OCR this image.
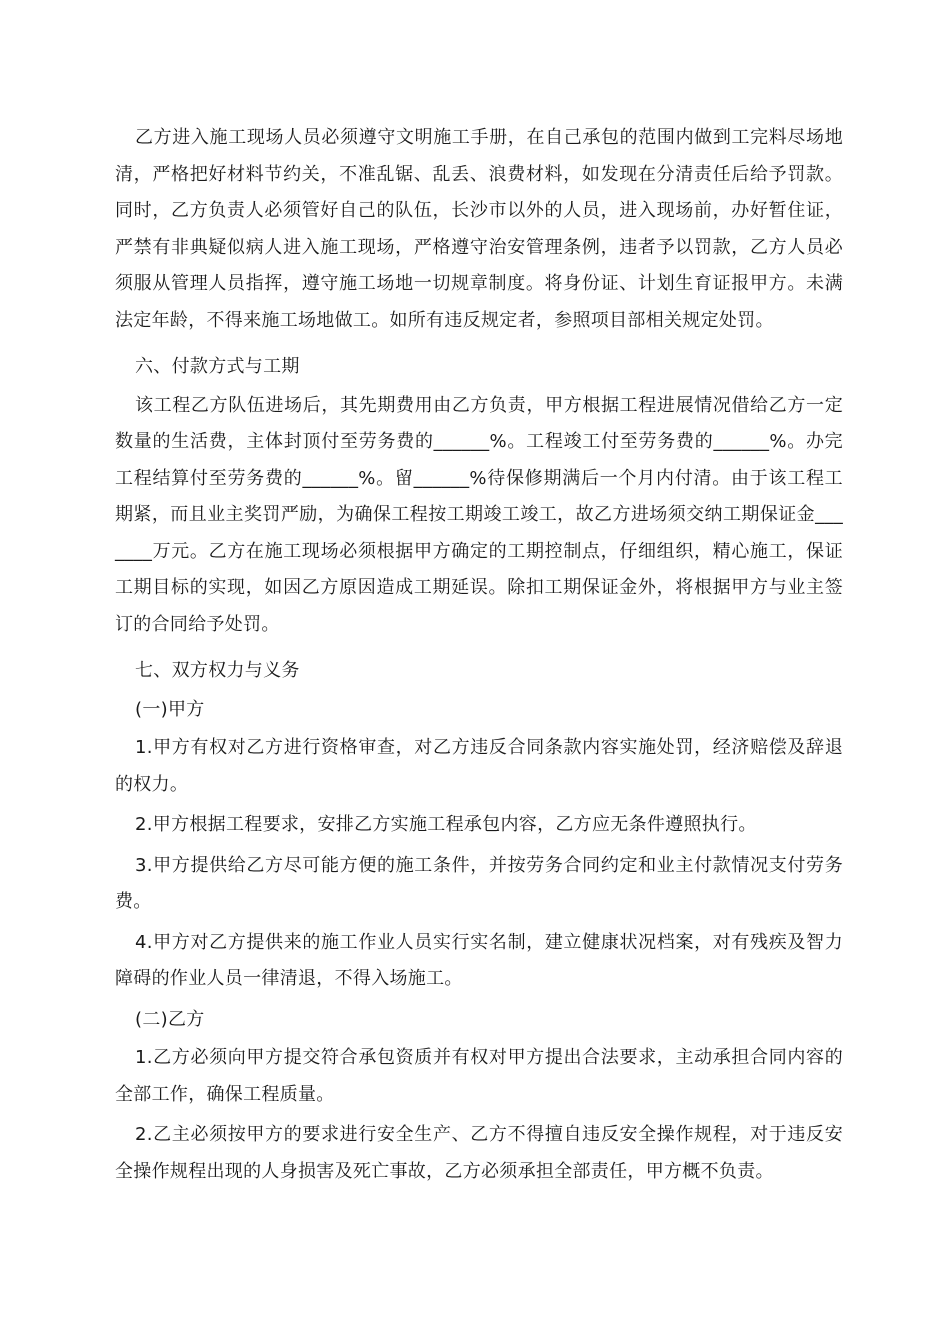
乙方进入施工现场人员必须遵守文明施工手册，在自己承包的范围内做到工完料尽场地清，严格把好材料节约关，不准乱锯、乱丢、浪费材料，如发现在分清责任后给予罚款。同时，乙方负责人必须管好自己的队伍，长沙市以外的人员，进入现场前，办好暂住证，严禁有非典疑似病人进入施工现场，严格遵守治安管理条例，违者予以罚款，乙方人员必须服从管理人员指挥，遵守施工场地一切规章制度。将身份证、计划生育证报甲方。未满法定年龄，不得来施工场地做工。如所有违反规定者，参照项目部相关规定处罚。

六、付款方式与工期

该工程乙方队伍进场后，其先期费用由乙方负责，甲方根据工程进展情况借给乙方一定数量的生活费，主体封顶付至劳务费的______%。工程竣工付至劳务费的______%。办完工程结算付至劳务费的______%。留______%待保修期满后一个月内付清。由于该工程工期紧，而且业主奖罚严励，为确保工程按工期竣工竣工，故乙方进场须交纳工期保证金_______万元。乙方在施工现场必须根据甲方确定的工期控制点，仔细组织，精心施工，保证工期目标的实现，如因乙方原因造成工期延误。除扣工期保证金外，将根据甲方与业主签订的合同给予处罚。

七、双方权力与义务

(一)甲方

1.甲方有权对乙方进行资格审查，对乙方违反合同条款内容实施处罚，经济赔偿及辞退的权力。

2.甲方根据工程要求，安排乙方实施工程承包内容，乙方应无条件遵照执行。

3.甲方提供给乙方尽可能方便的施工条件，并按劳务合同约定和业主付款情况支付劳务费。

4.甲方对乙方提供来的施工作业人员实行实名制，建立健康状况档案，对有残疾及智力障碍的作业人员一律清退，不得入场施工。

(二)乙方

1.乙方必须向甲方提交符合承包资质并有权对甲方提出合法要求，主动承担合同内容的全部工作，确保工程质量。

2.乙主必须按甲方的要求进行安全生产、乙方不得擅自违反安全操作规程，对于违反安全操作规程出现的人身损害及死亡事故，乙方必须承担全部责任，甲方概不负责。
